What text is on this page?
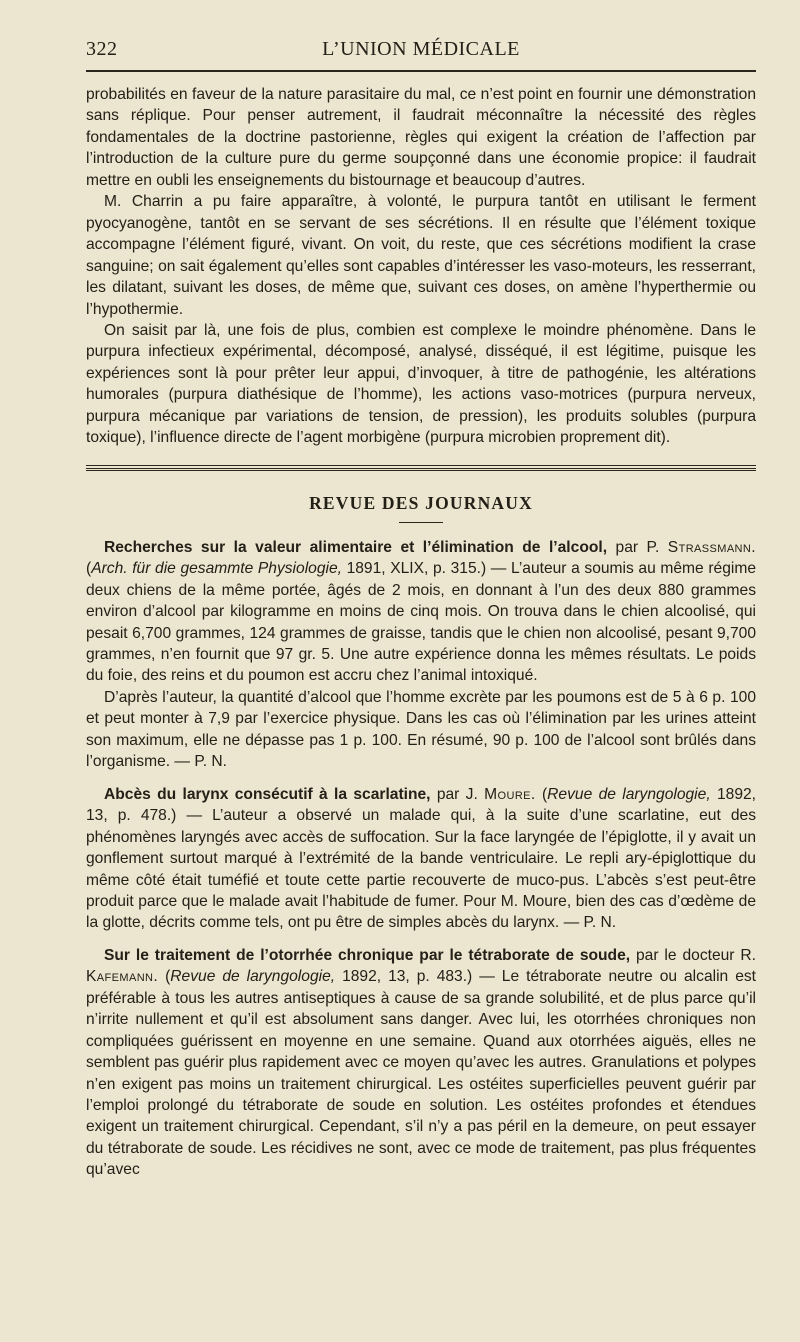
322	L’UNION MÉDICALE

probabilités en faveur de la nature parasitaire du mal, ce n’est point en fournir une démonstration sans réplique. Pour penser autrement, il faudrait méconnaître la nécessité des règles fondamentales de la doctrine pastorienne, règles qui exigent la création de l’affection par l’introduction de la culture pure du germe soupçonné dans une économie propice: il faudrait mettre en oubli les enseignements du bistournage et beaucoup d’autres.

M. Charrin a pu faire apparaître, à volonté, le purpura tantôt en utilisant le ferment pyocyanogène, tantôt en se servant de ses sécrétions. Il en résulte que l’élément toxique accompagne l’élément figuré, vivant. On voit, du reste, que ces sécrétions modifient la crase sanguine; on sait également qu’elles sont capables d’intéresser les vaso-moteurs, les resserrant, les dilatant, suivant les doses, de même que, suivant ces doses, on amène l’hyperthermie ou l’hypothermie.

On saisit par là, une fois de plus, combien est complexe le moindre phénomène. Dans le purpura infectieux expérimental, décomposé, analysé, disséqué, il est légitime, puisque les expériences sont là pour prêter leur appui, d’invoquer, à titre de pathogénie, les altérations humorales (purpura diathésique de l’homme), les actions vaso-motrices (purpura nerveux, purpura mécanique par variations de tension, de pression), les produits solubles (purpura toxique), l’influence directe de l’agent morbigène (purpura microbien proprement dit).

REVUE DES JOURNAUX

Recherches sur la valeur alimentaire et l’élimination de l’alcool, par P. Strassmann. (Arch. für die gesammte Physiologie, 1891, XLIX, p. 315.) — L’auteur a soumis au même régime deux chiens de la même portée, âgés de 2 mois, en donnant à l’un des deux 880 grammes environ d’alcool par kilogramme en moins de cinq mois. On trouva dans le chien alcoolisé, qui pesait 6,700 grammes, 124 grammes de graisse, tandis que le chien non alcoolisé, pesant 9,700 grammes, n’en fournit que 97 gr. 5. Une autre expérience donna les mêmes résultats. Le poids du foie, des reins et du poumon est accru chez l’animal intoxiqué.

D’après l’auteur, la quantité d’alcool que l’homme excrète par les poumons est de 5 à 6 p. 100 et peut monter à 7,9 par l’exercice physique. Dans les cas où l’élimination par les urines atteint son maximum, elle ne dépasse pas 1 p. 100. En résumé, 90 p. 100 de l’alcool sont brûlés dans l’organisme. — P. N.

Abcès du larynx consécutif à la scarlatine, par J. Moure. (Revue de laryngologie, 1892, 13, p. 478.) — L’auteur a observé un malade qui, à la suite d’une scarlatine, eut des phénomènes laryngés avec accès de suffocation. Sur la face laryngée de l’épiglotte, il y avait un gonflement surtout marqué à l’extrémité de la bande ventriculaire. Le repli ary-épiglottique du même côté était tuméfié et toute cette partie recouverte de muco-pus. L’abcès s’est peut-être produit parce que le malade avait l’habitude de fumer. Pour M. Moure, bien des cas d’œdème de la glotte, décrits comme tels, ont pu être de simples abcès du larynx. — P. N.

Sur le traitement de l’otorrhée chronique par le tétraborate de soude, par le docteur R. Kafemann. (Revue de laryngologie, 1892, 13, p. 483.) — Le tétraborate neutre ou alcalin est préférable à tous les autres antiseptiques à cause de sa grande solubilité, et de plus parce qu’il n’irrite nullement et qu’il est absolument sans danger. Avec lui, les otorrhées chroniques non compliquées guérissent en moyenne en une semaine. Quand aux otorrhées aiguës, elles ne semblent pas guérir plus rapidement avec ce moyen qu’avec les autres. Granulations et polypes n’en exigent pas moins un traitement chirurgical. Les ostéites superficielles peuvent guérir par l’emploi prolongé du tétraborate de soude en solution. Les ostéites profondes et étendues exigent un traitement chirurgical. Cependant, s’il n’y a pas péril en la demeure, on peut essayer du tétraborate de soude. Les récidives ne sont, avec ce mode de traitement, pas plus fréquentes qu’avec
